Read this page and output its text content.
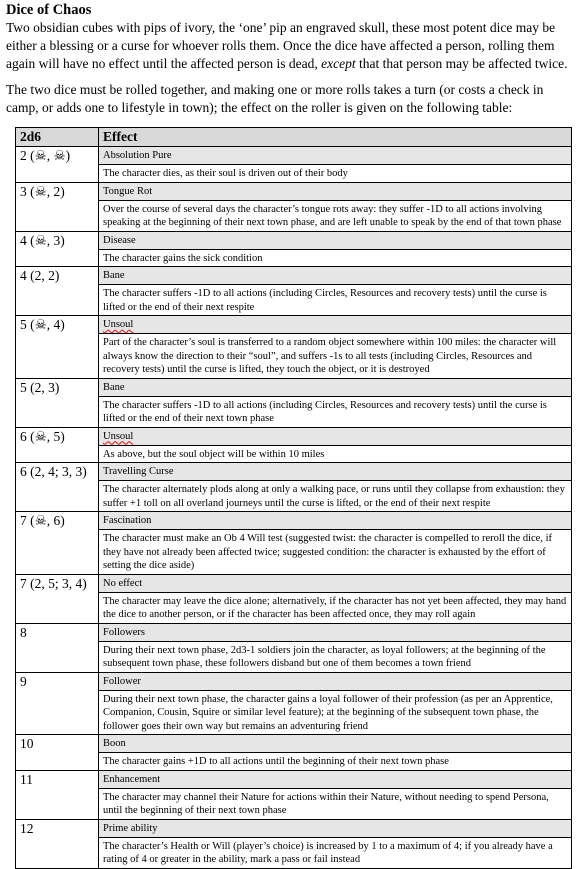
Dice of Chaos

Two obsidian cubes with pips of ivory, the ‘one’ pip an engraved skull, these most potent dice may be either a blessing or a curse for whoever rolls them. Once the dice have affected a person, rolling them again will have no effect until the affected person is dead, except that that person may be affected twice.

The two dice must be rolled together, and making one or more rolls takes a turn (or costs a check in camp, or adds one to lifestyle in town); the effect on the roller is given on the following table:

2d6	Effect
2 (☠, ☠)	Absolution Pure
	The character dies, as their soul is driven out of their body
3 (☠, 2)	Tongue Rot
	Over the course of several days the character’s tongue rots away: they suffer -1D to all actions involving speaking at the beginning of their next town phase, and are left unable to speak by the end of that town phase
4 (☠, 3)	Disease
	The character gains the sick condition
4 (2, 2)	Bane
	The character suffers -1D to all actions (including Circles, Resources and recovery tests) until the curse is lifted or the end of their next respite
5 (☠, 4)	Unsoul
	Part of the character’s soul is transferred to a random object somewhere within 100 miles: the character will always know the direction to their “soul”, and suffers -1s to all tests (including Circles, Resources and recovery tests) until the curse is lifted, they touch the object, or it is destroyed
5 (2, 3)	Bane
	The character suffers -1D to all actions (including Circles, Resources and recovery tests) until the curse is lifted or the end of their next town phase
6 (☠, 5)	Unsoul
	As above, but the soul object will be within 10 miles
6 (2, 4; 3, 3)	Travelling Curse
	The character alternately plods along at only a walking pace, or runs until they collapse from exhaustion: they suffer +1 toll on all overland journeys until the curse is lifted, or the end of their next respite
7 (☠, 6)	Fascination
	The character must make an Ob 4 Will test (suggested twist: the character is compelled to reroll the dice, if they have not already been affected twice; suggested condition: the character is exhausted by the effort of setting the dice aside)
7 (2, 5; 3, 4)	No effect
	The character may leave the dice alone; alternatively, if the character has not yet been affected, they may hand the dice to another person, or if the character has been affected once, they may roll again
8	Followers
	During their next town phase, 2d3-1 soldiers join the character, as loyal followers; at the beginning of the subsequent town phase, these followers disband but one of them becomes a town friend
9	Follower
	During their next town phase, the character gains a loyal follower of their profession (as per an Apprentice, Companion, Cousin, Squire or similar level feature); at the beginning of the subsequent town phase, the follower goes their own way but remains an adventuring friend
10	Boon
	The character gains +1D to all actions until the beginning of their next town phase
11	Enhancement
	The character may channel their Nature for actions within their Nature, without needing to spend Persona, until the beginning of their next town phase
12	Prime ability
	The character’s Health or Will (player’s choice) is increased by 1 to a maximum of 4; if you already have a rating of 4 or greater in the ability, mark a pass or fail instead
